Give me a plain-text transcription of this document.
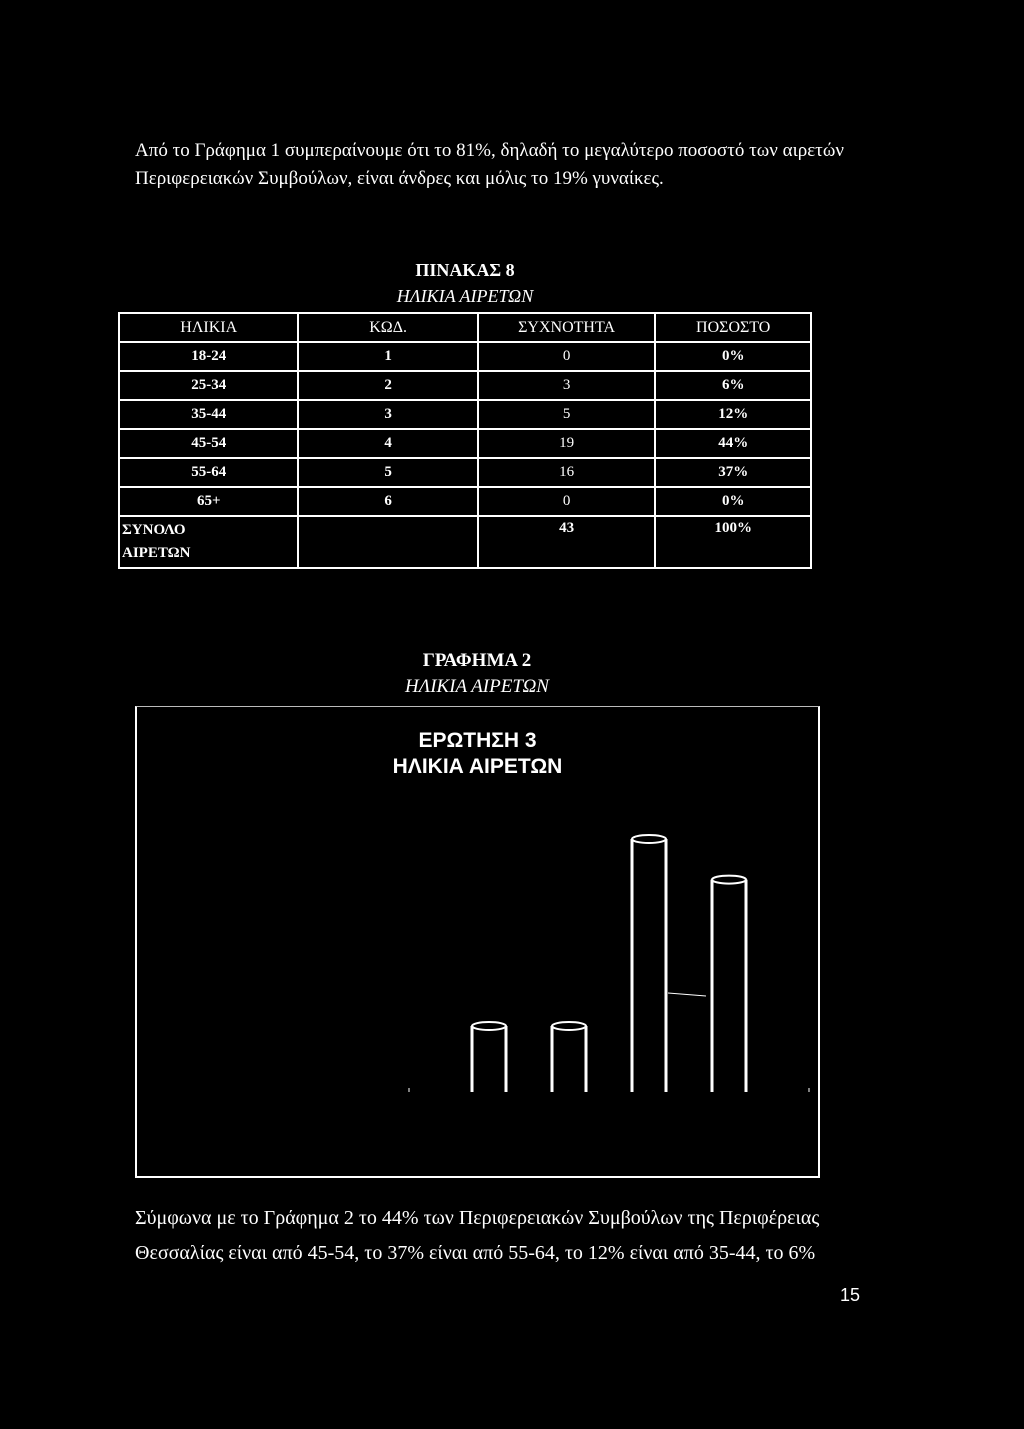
Από το Γράφημα 1 συμπεραίνουμε ότι το 81%, δηλαδή το μεγαλύτερο ποσοστό των αιρετών Περιφερειακών Συμβούλων, είναι άνδρες και μόλις το 19% γυναίκες.

ΠΙΝΑΚΑΣ 8
ΗΛΙΚΙΑ ΑΙΡΕΤΩΝ
ΗΛΙΚΙΑ	ΚΩΔ.	ΣΥΧΝΟΤΗΤΑ	ΠΟΣΟΣΤΟ
18-24	1	0	0%
25-34	2	3	6%
35-44	3	5	12%
45-54	4	19	44%
55-64	5	16	37%
65+	6	0	0%
ΣΥΝΟΛΟ
ΑΙΡΕΤΩΝ		43	100%
ΓΡΑΦΗΜΑ 2
ΗΛΙΚΙΑ ΑΙΡΕΤΩΝ
ΕΡΩΤΗΣΗ 3
ΗΛΙΚΙΑ ΑΙΡΕΤΩΝ

Σύμφωνα με το Γράφημα 2 το 44% των Περιφερειακών Συμβούλων της Περιφέρειας Θεσσαλίας είναι από 45-54, το 37% είναι από 55-64, το 12% είναι από 35-44, το 6%

15
